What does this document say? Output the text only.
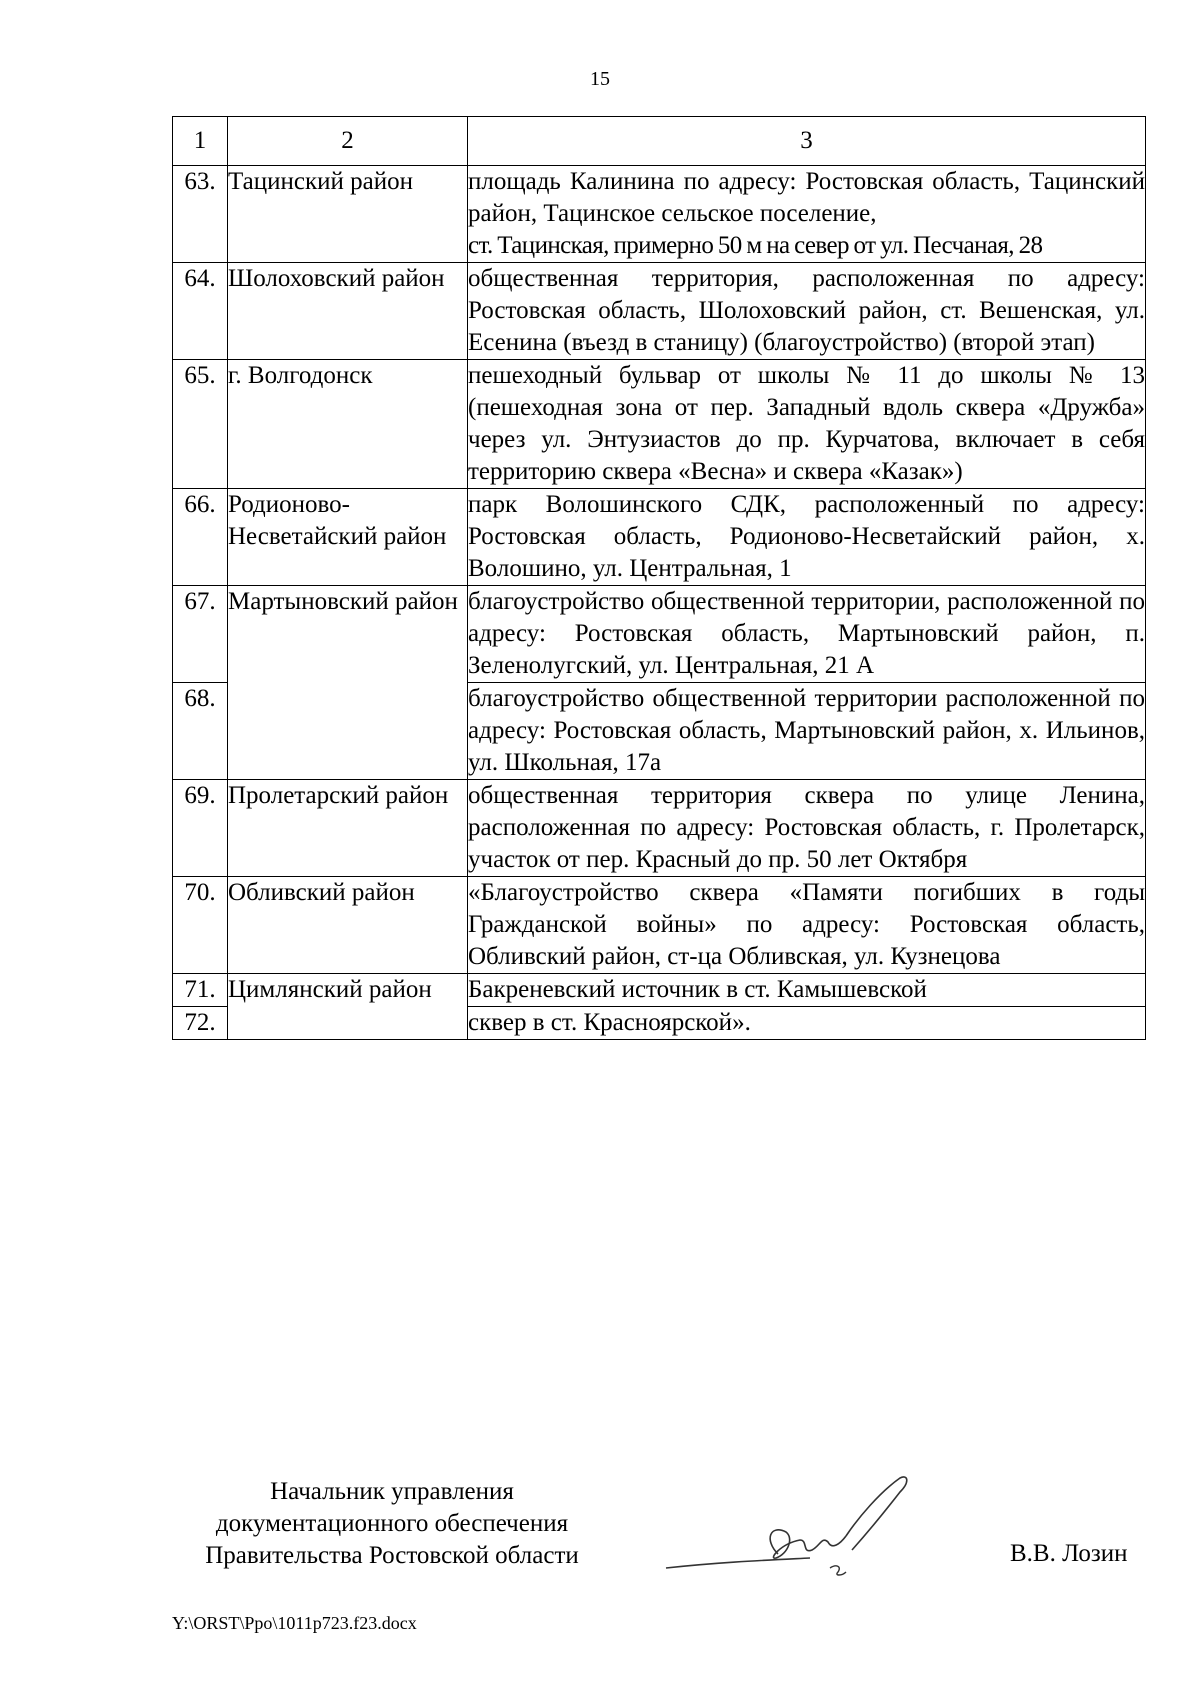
15
1	2	3
63.	Тацинский район	площадь Калинина по адресу: Ростовская область, Тацинский район, Тацинское сельское поселение,
ст. Тацинская, примерно 50 м на север от ул. Песчаная, 28

64.	Шолоховский район	общественная территория, расположенная по адресу: Ростовская область, Шолоховский район, ст. Вешенская, ул. Есенина (въезд в станицу) (благоустройство) (второй этап)
65.	г. Волгодонск	пешеходный бульвар от школы № 11 до школы № 13 (пешеходная зона от пер. Западный вдоль сквера «Дружба» через ул. Энтузиастов до пр. Курчатова, включает в себя территорию сквера «Весна» и сквера «Казак»)
66.	Родионово-Несветайский район	парк Волошинского СДК, расположенный по адресу: Ростовская область, Родионово-Несветайский район, х. Волошино, ул. Центральная, 1
67.	Мартыновский район	благоустройство общественной территории, расположенной по адресу: Ростовская область, Мартыновский район, п. Зеленолугский, ул. Центральная, 21 А
68.		благоустройство общественной территории расположенной по адресу: Ростовская область, Мартыновский район, х. Ильинов, ул. Школьная, 17а
69.	Пролетарский район	общественная территория сквера по улице Ленина, расположенная по адресу: Ростовская область, г. Пролетарск, участок от пер. Красный до пр. 50 лет Октября
70.	Обливский район	«Благоустройство сквера «Памяти погибших в годы Гражданской войны» по адресу: Ростовская область, Обливский район, ст-ца Обливская, ул. Кузнецова
71.	Цимлянский район	Бакреневский источник в ст. Камышевской
72.		сквер в ст. Красноярской».
Начальник управления
документационного обеспечения
Правительства Ростовской области	В.В. Лозин
Y:\ORST\Ppo\1011p723.f23.docx
